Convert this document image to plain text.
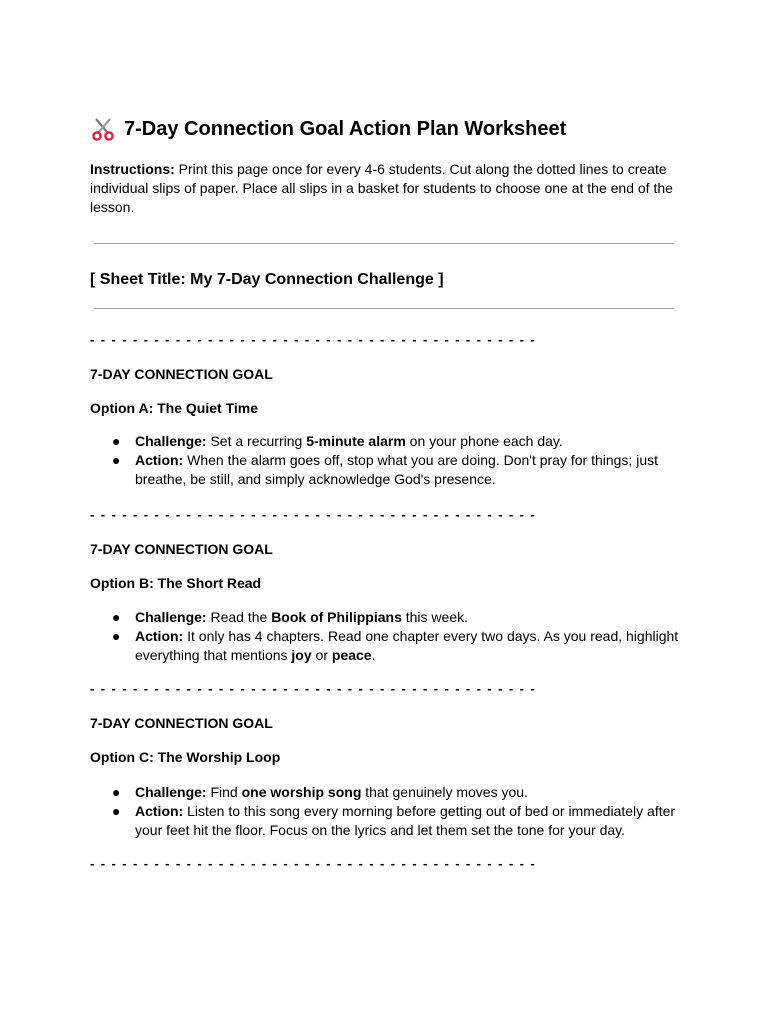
7-Day Connection Goal Action Plan Worksheet
Instructions: Print this page once for every 4-6 students. Cut along the dotted lines to create individual slips of paper. Place all slips in a basket for students to choose one at the end of the lesson.
[ Sheet Title: My 7-Day Connection Challenge ]
- - - - - - - - - - - - - - - - - - - - - - - - - - - - - - - - - - - - - - - - - -
7-DAY CONNECTION GOAL
Option A: The Quiet Time
● Challenge: Set a recurring 5-minute alarm on your phone each day.
● Action: When the alarm goes off, stop what you are doing. Don't pray for things; just breathe, be still, and simply acknowledge God's presence.
- - - - - - - - - - - - - - - - - - - - - - - - - - - - - - - - - - - - - - - - - -
7-DAY CONNECTION GOAL
Option B: The Short Read
● Challenge: Read the Book of Philippians this week.
● Action: It only has 4 chapters. Read one chapter every two days. As you read, highlight everything that mentions joy or peace.
- - - - - - - - - - - - - - - - - - - - - - - - - - - - - - - - - - - - - - - - - -
7-DAY CONNECTION GOAL
Option C: The Worship Loop
● Challenge: Find one worship song that genuinely moves you.
● Action: Listen to this song every morning before getting out of bed or immediately after your feet hit the floor. Focus on the lyrics and let them set the tone for your day.
- - - - - - - - - - - - - - - - - - - - - - - - - - - - - - - - - - - - - - - - - -
